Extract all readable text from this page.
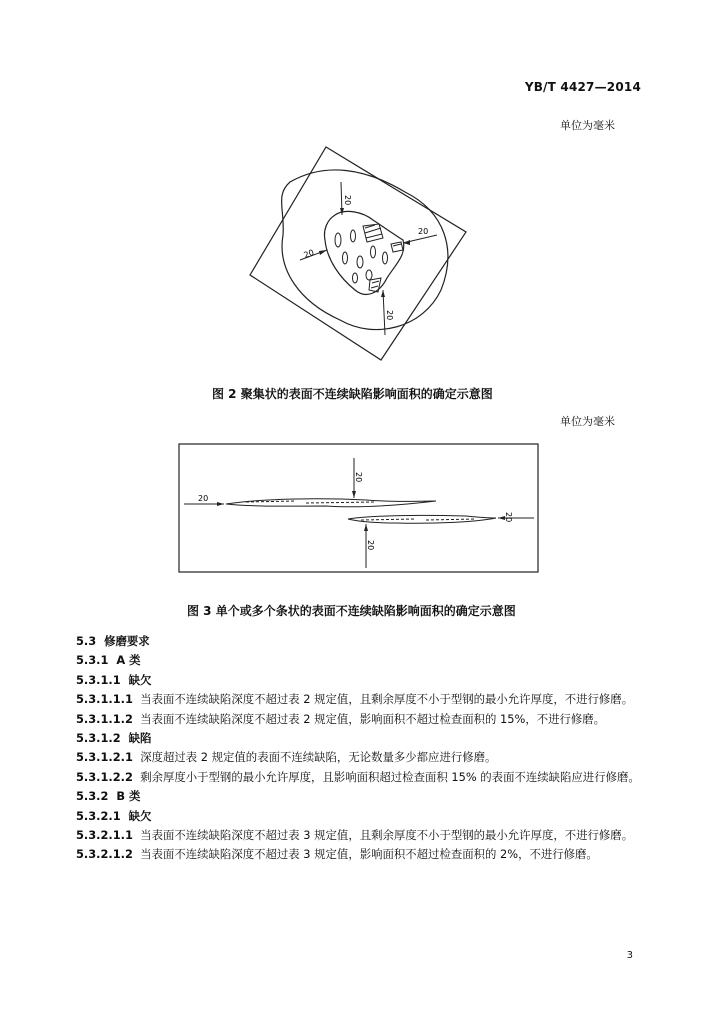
YB/T 4427—2014
单位为毫米
20
20
20
20
图 2 聚集状的表面不连续缺陷影响面积的确定示意图
单位为毫米
20
20
20
20
图 3 单个或多个条状的表面不连续缺陷影响面积的确定示意图
5.3 修磨要求
5.3.1 A 类
5.3.1.1 缺欠
5.3.1.1.1 当表面不连续缺陷深度不超过表 2 规定值，且剩余厚度不小于型钢的最小允许厚度，不进行修磨。
5.3.1.1.2 当表面不连续缺陷深度不超过表 2 规定值，影响面积不超过检查面积的 15%，不进行修磨。
5.3.1.2 缺陷
5.3.1.2.1 深度超过表 2 规定值的表面不连续缺陷，无论数量多少都应进行修磨。
5.3.1.2.2 剩余厚度小于型钢的最小允许厚度，且影响面积超过检查面积 15% 的表面不连续缺陷应进行修磨。
5.3.2 B 类
5.3.2.1 缺欠
5.3.2.1.1 当表面不连续缺陷深度不超过表 3 规定值，且剩余厚度不小于型钢的最小允许厚度，不进行修磨。
5.3.2.1.2 当表面不连续缺陷深度不超过表 3 规定值，影响面积不超过检查面积的 2%，不进行修磨。
3
